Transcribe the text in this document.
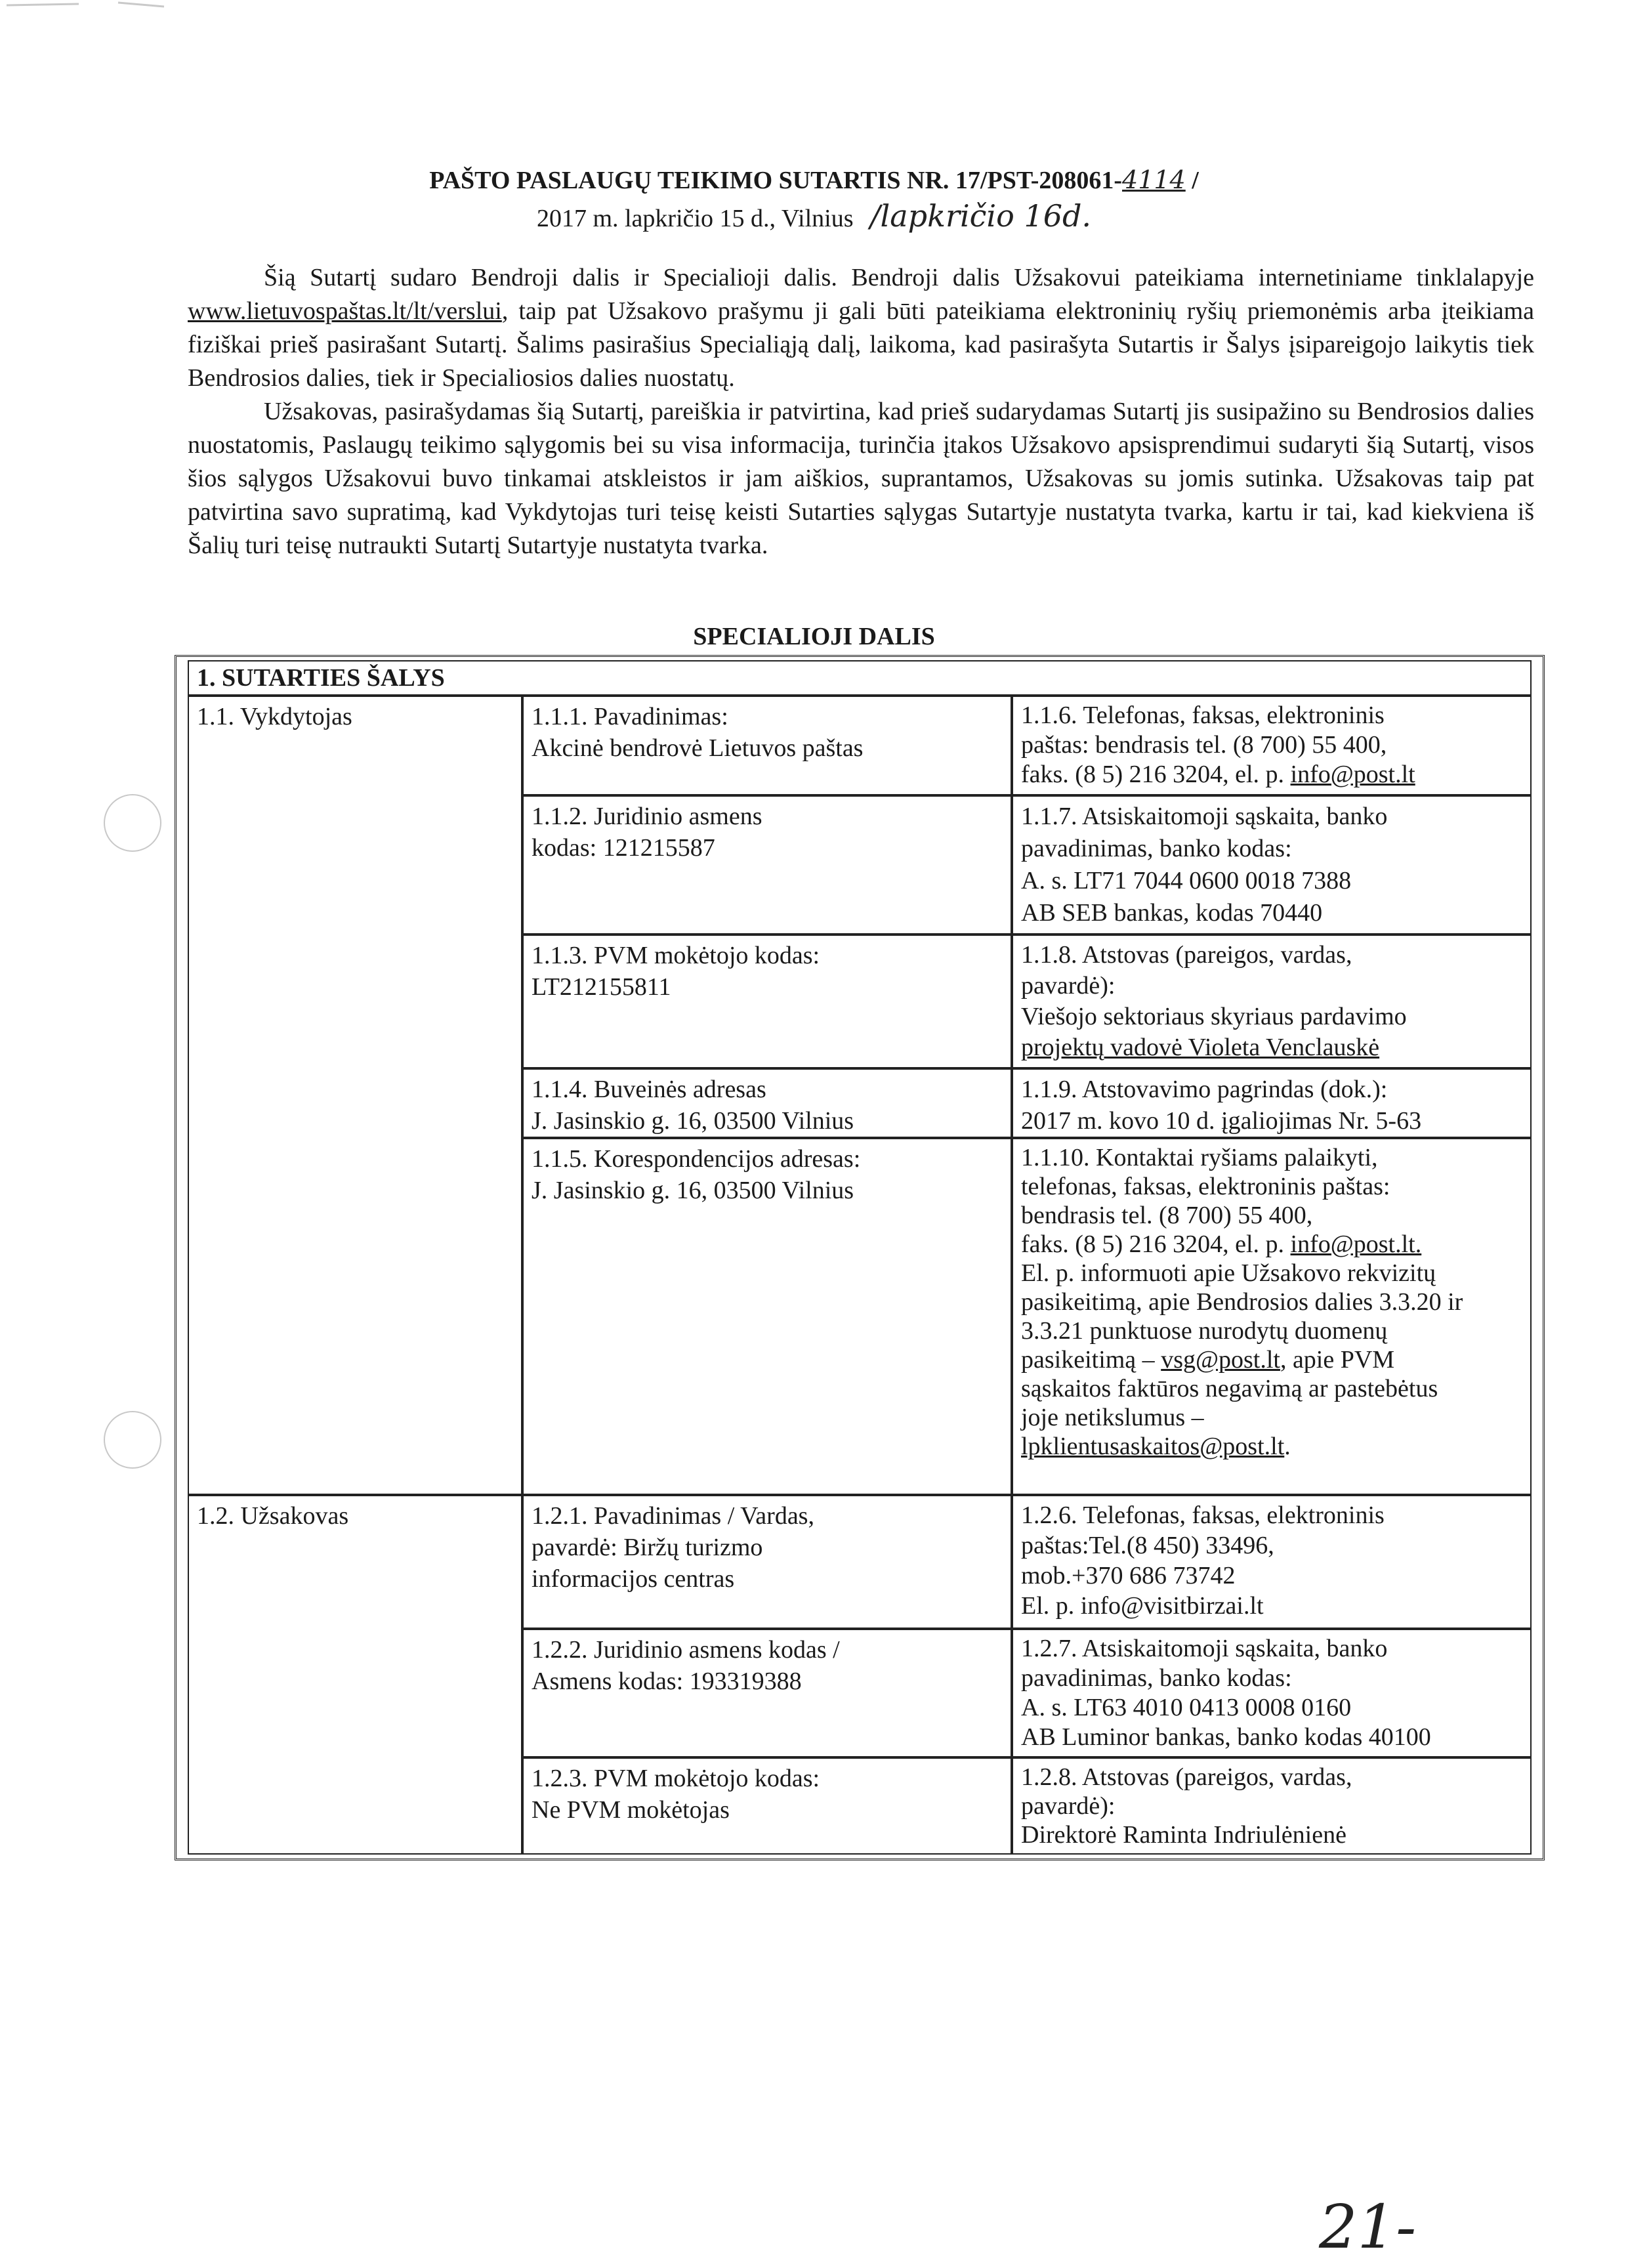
PAŠTO PASLAUGŲ TEIKIMO SUTARTIS NR. 17/PST-208061-4114 /
2017 m. lapkričio 15 d., Vilnius /lapkričio 16d.
Šią Sutartį sudaro Bendroji dalis ir Specialioji dalis. Bendroji dalis Užsakovui pateikiama internetiniame tinklalapyje www.lietuvospaštas.lt/lt/verslui, taip pat Užsakovo prašymu ji gali būti pateikiama elektroninių ryšių priemonėmis arba įteikiama fiziškai prieš pasirašant Sutartį. Šalims pasirašius Specialiąją dalį, laikoma, kad pasirašyta Sutartis ir Šalys įsipareigojo laikytis tiek Bendrosios dalies, tiek ir Specialiosios dalies nuostatų.
Užsakovas, pasirašydamas šią Sutartį, pareiškia ir patvirtina, kad prieš sudarydamas Sutartį jis susipažino su Bendrosios dalies nuostatomis, Paslaugų teikimo sąlygomis bei su visa informacija, turinčia įtakos Užsakovo apsisprendimui sudaryti šią Sutartį, visos šios sąlygos Užsakovui buvo tinkamai atskleistos ir jam aiškios, suprantamos, Užsakovas su jomis sutinka. Užsakovas taip pat patvirtina savo supratimą, kad Vykdytojas turi teisę keisti Sutarties sąlygas Sutartyje nustatyta tvarka, kartu ir tai, kad kiekviena iš Šalių turi teisę nutraukti Sutartį Sutartyje nustatyta tvarka.
SPECIALIOJI DALIS
1. SUTARTIES ŠALYS
1.1. Vykdytojas
1.2. Užsakovas
1.1.1. Pavadinimas:
Akcinė bendrovė Lietuvos paštas
1.1.2. Juridinio asmens
kodas: 121215587
1.1.3. PVM mokėtojo kodas:
LT212155811
1.1.4. Buveinės adresas
J. Jasinskio g. 16, 03500 Vilnius
1.1.5. Korespondencijos adresas:
J. Jasinskio g. 16, 03500 Vilnius
1.2.1. Pavadinimas / Vardas,
pavardė: Biržų turizmo
informacijos centras
1.2.2. Juridinio asmens kodas /
Asmens kodas: 193319388
1.2.3. PVM mokėtojo kodas:
Ne PVM mokėtojas
1.1.6. Telefonas, faksas, elektroninis
paštas: bendrasis tel. (8 700) 55 400,
faks. (8 5) 216 3204, el. p. info@post.lt
1.1.7. Atsiskaitomoji sąskaita, banko
pavadinimas, banko kodas:
A. s. LT71 7044 0600 0018 7388
AB SEB bankas, kodas 70440
1.1.8. Atstovas (pareigos, vardas,
pavardė):
Viešojo sektoriaus skyriaus pardavimo
projektų vadovė Violeta Venclauskė
1.1.9. Atstovavimo pagrindas (dok.):
2017 m. kovo 10 d. įgaliojimas Nr. 5-63
1.1.10. Kontaktai ryšiams palaikyti,
telefonas, faksas, elektroninis paštas:
bendrasis tel. (8 700) 55 400,
faks. (8 5) 216 3204, el. p. info@post.lt.
El. p. informuoti apie Užsakovo rekvizitų
pasikeitimą, apie Bendrosios dalies 3.3.20 ir
3.3.21 punktuose nurodytų duomenų
pasikeitimą – vsg@post.lt, apie PVM
sąskaitos faktūros negavimą ar pastebėtus
joje netikslumus –
lpklientusaskaitos@post.lt.
1.2.6. Telefonas, faksas, elektroninis
paštas:Tel.(8 450) 33496,
mob.+370 686 73742
El. p. info@visitbirzai.lt
1.2.7. Atsiskaitomoji sąskaita, banko
pavadinimas, banko kodas:
A. s. LT63 4010 0413 0008 0160
AB Luminor bankas, banko kodas 40100
1.2.8. Atstovas (pareigos, vardas,
pavardė):
Direktorė Raminta Indriulėnienė
21-
